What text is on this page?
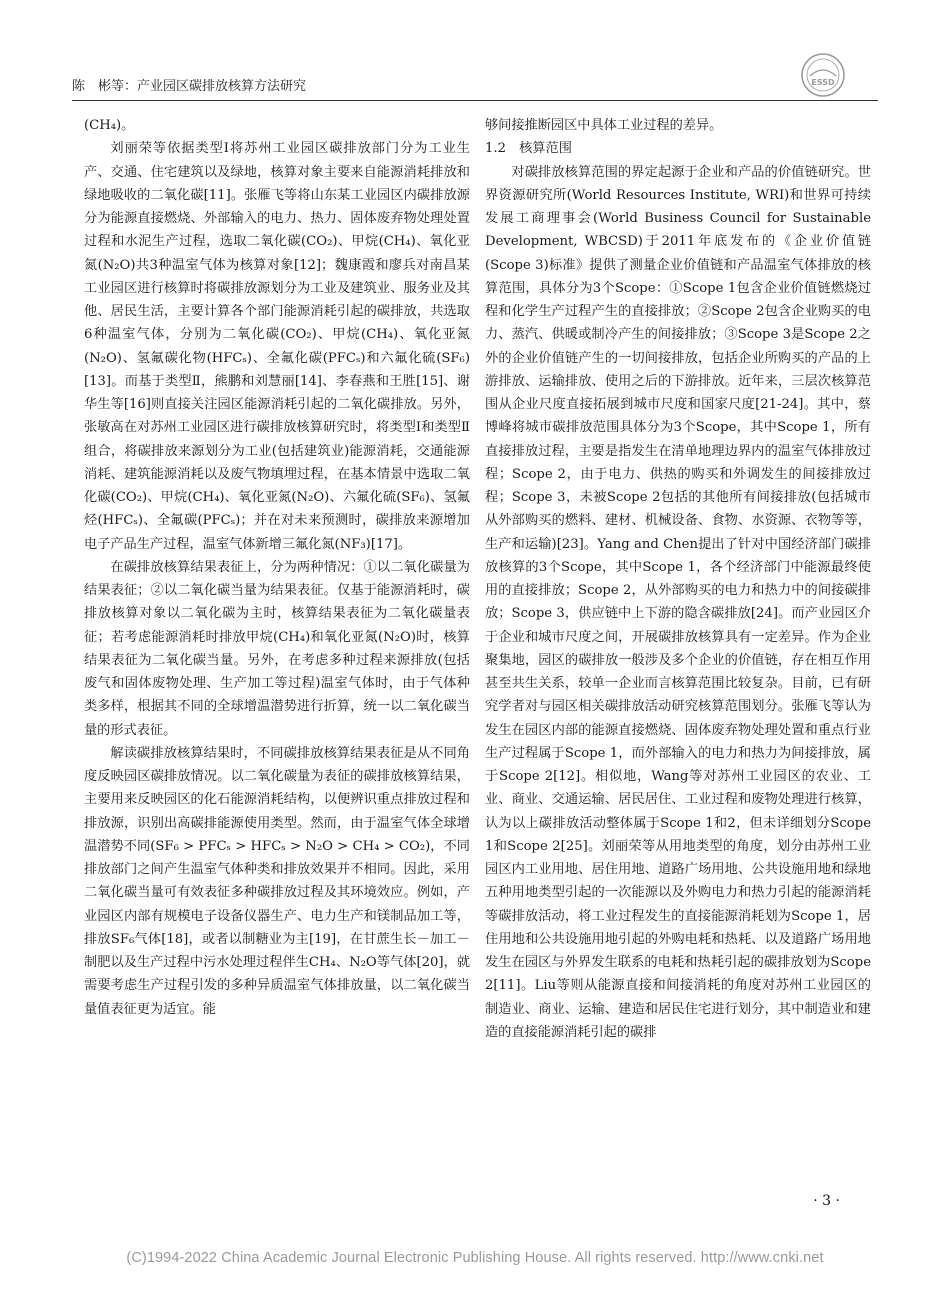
陈　彬等：产业园区碳排放核算方法研究	ESSD

(CH₄)。

刘丽荣等依据类型Ⅰ将苏州工业园区碳排放部门分为工业生产、交通、住宅建筑以及绿地，核算对象主要来自能源消耗排放和绿地吸收的二氧化碳[11]。张雁飞等将山东某工业园区内碳排放源分为能源直接燃烧、外部输入的电力、热力、固体废弃物处理处置过程和水泥生产过程，选取二氧化碳(CO₂)、甲烷(CH₄)、氧化亚氮(N₂O)共3种温室气体为核算对象[12]；魏康霞和廖兵对南昌某工业园区进行核算时将碳排放源划分为工业及建筑业、服务业及其他、居民生活，主要计算各个部门能源消耗引起的碳排放，共选取6种温室气体，分别为二氧化碳(CO₂)、甲烷(CH₄)、氧化亚氮(N₂O)、氢氟碳化物(HFCₛ)、全氟化碳(PFCₛ)和六氟化硫(SF₆)[13]。而基于类型Ⅱ，熊鹏和刘慧丽[14]、李春燕和王胜[15]、谢华生等[16]则直接关注园区能源消耗引起的二氧化碳排放。另外，张敏高在对苏州工业园区进行碳排放核算研究时，将类型Ⅰ和类型Ⅱ组合，将碳排放来源划分为工业(包括建筑业)能源消耗，交通能源消耗、建筑能源消耗以及废气物填埋过程，在基本情景中选取二氧化碳(CO₂)、甲烷(CH₄)、氧化亚氮(N₂O)、六氟化硫(SF₆)、氢氟烃(HFCₛ)、全氟碳(PFCₛ)；并在对未来预测时，碳排放来源增加电子产品生产过程，温室气体新增三氟化氮(NF₃)[17]。

在碳排放核算结果表征上，分为两种情况：①以二氧化碳量为结果表征；②以二氧化碳当量为结果表征。仅基于能源消耗时，碳排放核算对象以二氧化碳为主时，核算结果表征为二氧化碳量表征；若考虑能源消耗时排放甲烷(CH₄)和氧化亚氮(N₂O)时，核算结果表征为二氧化碳当量。另外，在考虑多种过程来源排放(包括废气和固体废物处理、生产加工等过程)温室气体时，由于气体种类多样，根据其不同的全球增温潜势进行折算，统一以二氧化碳当量的形式表征。

解读碳排放核算结果时，不同碳排放核算结果表征是从不同角度反映园区碳排放情况。以二氧化碳量为表征的碳排放核算结果，主要用来反映园区的化石能源消耗结构，以便辨识重点排放过程和排放源，识别出高碳排能源使用类型。然而，由于温室气体全球增温潜势不同(SF₆ > PFCₛ > HFCₛ > N₂O > CH₄ > CO₂)，不同排放部门之间产生温室气体种类和排放效果并不相同。因此，采用二氧化碳当量可有效表征多种碳排放过程及其环境效应。例如，产业园区内部有规模电子设备仪器生产、电力生产和镁制品加工等，排放SF₆气体[18]，或者以制糖业为主[19]，在甘蔗生长－加工－制肥以及生产过程中污水处理过程伴生CH₄、N₂O等气体[20]，就需要考虑生产过程引发的多种异质温室气体排放量，以二氧化碳当量值表征更为适宜。能

够间接推断园区中具体工业过程的差异。

1.2　核算范围

对碳排放核算范围的界定起源于企业和产品的价值链研究。世界资源研究所(World Resources Institute, WRI)和世界可持续发展工商理事会(World Business Council for Sustainable Development, WBCSD)于2011年底发布的《企业价值链(Scope 3)标准》提供了测量企业价值链和产品温室气体排放的核算范围，具体分为3个Scope：①Scope 1包含企业价值链燃烧过程和化学生产过程产生的直接排放；②Scope 2包含企业购买的电力、蒸汽、供暖或制冷产生的间接排放；③Scope 3是Scope 2之外的企业价值链产生的一切间接排放，包括企业所购买的产品的上游排放、运输排放、使用之后的下游排放。近年来，三层次核算范围从企业尺度直接拓展到城市尺度和国家尺度[21-24]。其中，蔡博峰将城市碳排放范围具体分为3个Scope，其中Scope 1，所有直接排放过程，主要是指发生在清单地理边界内的温室气体排放过程；Scope 2，由于电力、供热的购买和外调发生的间接排放过程；Scope 3，未被Scope 2包括的其他所有间接排放(包括城市从外部购买的燃料、建材、机械设备、食物、水资源、衣物等等，生产和运输)[23]。Yang and Chen提出了针对中国经济部门碳排放核算的3个Scope，其中Scope 1，各个经济部门中能源最终使用的直接排放；Scope 2，从外部购买的电力和热力中的间接碳排放；Scope 3，供应链中上下游的隐含碳排放[24]。而产业园区介于企业和城市尺度之间，开展碳排放核算具有一定差异。作为企业聚集地，园区的碳排放一般涉及多个企业的价值链，存在相互作用甚至共生关系，较单一企业而言核算范围比较复杂。目前，已有研究学者对与园区相关碳排放活动研究核算范围划分。张雁飞等认为发生在园区内部的能源直接燃烧、固体废弃物处理处置和重点行业生产过程属于Scope 1，而外部输入的电力和热力为间接排放，属于Scope 2[12]。相似地，Wang等对苏州工业园区的农业、工业、商业、交通运输、居民居住、工业过程和废物处理进行核算，认为以上碳排放活动整体属于Scope 1和2，但未详细划分Scope 1和Scope 2[25]。刘丽荣等从用地类型的角度，划分由苏州工业园区内工业用地、居住用地、道路广场用地、公共设施用地和绿地五种用地类型引起的一次能源以及外购电力和热力引起的能源消耗等碳排放活动，将工业过程发生的直接能源消耗划为Scope 1，居住用地和公共设施用地引起的外购电耗和热耗、以及道路广场用地发生在园区与外界发生联系的电耗和热耗引起的碳排放划为Scope 2[11]。Liu等则从能源直接和间接消耗的角度对苏州工业园区的制造业、商业、运输、建造和居民住宅进行划分，其中制造业和建造的直接能源消耗引起的碳排

· 3 ·
(C)1994-2022 China Academic Journal Electronic Publishing House. All rights reserved. http://www.cnki.net
